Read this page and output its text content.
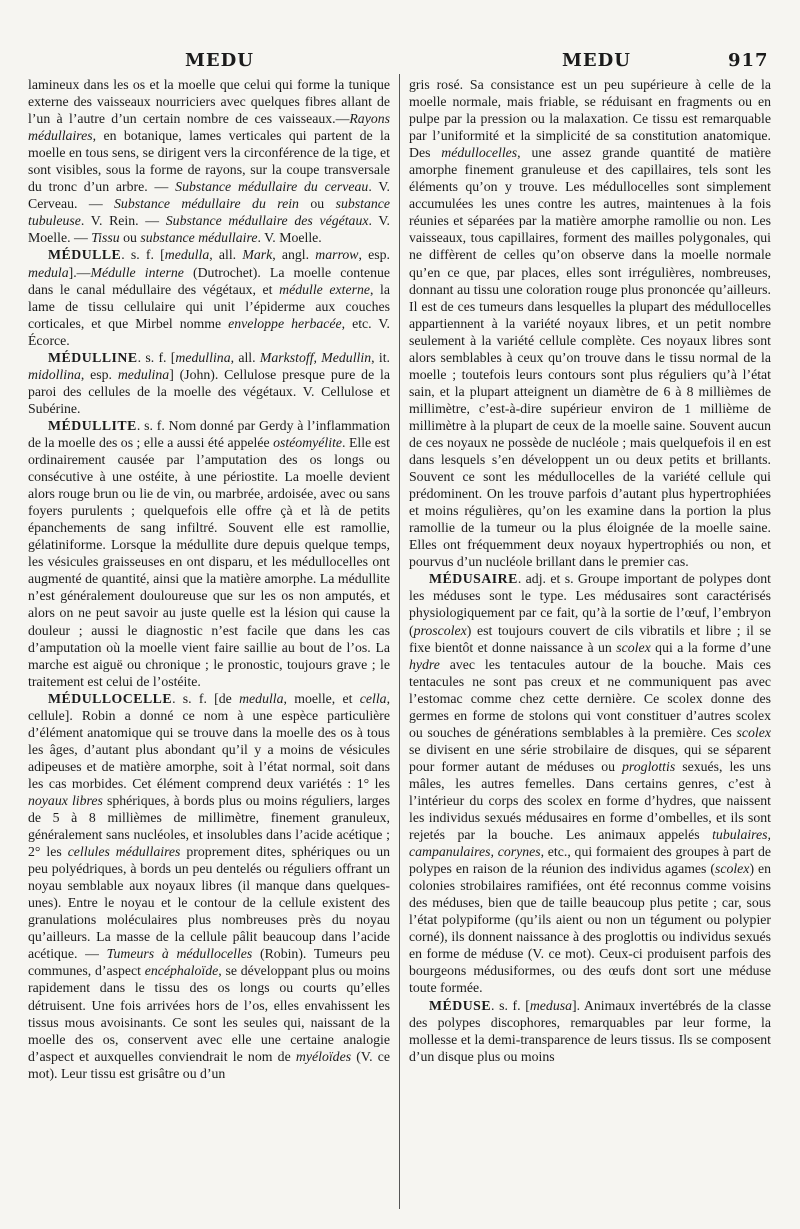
MEDU	MEDU	917

lamineux dans les os et la moelle que celui qui forme la tunique externe des vaisseaux nourriciers avec quelques fibres allant de l’un à l’autre d’un certain nombre de ces vaisseaux.—Rayons médullaires, en botanique, lames verticales qui partent de la moelle en tous sens, se dirigent vers la circonférence de la tige, et sont visibles, sous la forme de rayons, sur la coupe transversale du tronc d’un arbre. — Substance médullaire du cerveau. V. Cerveau. — Substance médullaire du rein ou substance tubuleuse. V. Rein. — Substance médullaire des végétaux. V. Moelle. — Tissu ou substance médullaire. V. Moelle.

MÉDULLE. s. f. [medulla, all. Mark, angl. marrow, esp. medula].—Médulle interne (Dutrochet). La moelle contenue dans le canal médullaire des végétaux, et médulle externe, la lame de tissu cellulaire qui unit l’épiderme aux couches corticales, et que Mirbel nomme enveloppe herbacée, etc. V. Écorce.

MÉDULLINE. s. f. [medullina, all. Markstoff, Medullin, it. midollina, esp. medulina] (John). Cellulose presque pure de la paroi des cellules de la moelle des végétaux. V. Cellulose et Subérine.

MÉDULLITE. s. f. Nom donné par Gerdy à l’inflammation de la moelle des os ; elle a aussi été appelée ostéomyélite. Elle est ordinairement causée par l’amputation des os longs ou consécutive à une ostéite, à une périostite. La moelle devient alors rouge brun ou lie de vin, ou marbrée, ardoisée, avec ou sans foyers purulents ; quelquefois elle offre çà et là de petits épanchements de sang infiltré. Souvent elle est ramollie, gélatiniforme. Lorsque la médullite dure depuis quelque temps, les vésicules graisseuses en ont disparu, et les médullocelles ont augmenté de quantité, ainsi que la matière amorphe. La médullite n’est généralement douloureuse que sur les os non amputés, et alors on ne peut savoir au juste quelle est la lésion qui cause la douleur ; aussi le diagnostic n’est facile que dans les cas d’amputation où la moelle vient faire saillie au bout de l’os. La marche est aiguë ou chronique ; le pronostic, toujours grave ; le traitement est celui de l’ostéite.

MÉDULLOCELLE. s. f. [de medulla, moelle, et cella, cellule]. Robin a donné ce nom à une espèce particulière d’élément anatomique qui se trouve dans la moelle des os à tous les âges, d’autant plus abondant qu’il y a moins de vésicules adipeuses et de matière amorphe, soit à l’état normal, soit dans les cas morbides. Cet élément comprend deux variétés : 1° les noyaux libres sphériques, à bords plus ou moins réguliers, larges de 5 à 8 millièmes de millimètre, finement granuleux, généralement sans nucléoles, et insolubles dans l’acide acétique ; 2° les cellules médullaires proprement dites, sphériques ou un peu polyédriques, à bords un peu dentelés ou réguliers offrant un noyau semblable aux noyaux libres (il manque dans quelques-unes). Entre le noyau et le contour de la cellule existent des granulations moléculaires plus nombreuses près du noyau qu’ailleurs. La masse de la cellule pâlit beaucoup dans l’acide acétique. — Tumeurs à médullocelles (Robin). Tumeurs peu communes, d’aspect encéphaloïde, se développant plus ou moins rapidement dans le tissu des os longs ou courts qu’elles détruisent. Une fois arrivées hors de l’os, elles envahissent les tissus mous avoisinants. Ce sont les seules qui, naissant de la moelle des os, conservent avec elle une certaine analogie d’aspect et auxquelles conviendrait le nom de myéloïdes (V. ce mot). Leur tissu est grisâtre ou d’un

gris rosé. Sa consistance est un peu supérieure à celle de la moelle normale, mais friable, se réduisant en fragments ou en pulpe par la pression ou la malaxation. Ce tissu est remarquable par l’uniformité et la simplicité de sa constitution anatomique. Des médullocelles, une assez grande quantité de matière amorphe finement granuleuse et des capillaires, tels sont les éléments qu’on y trouve. Les médullocelles sont simplement accumulées les unes contre les autres, maintenues à la fois réunies et séparées par la matière amorphe ramollie ou non. Les vaisseaux, tous capillaires, forment des mailles polygonales, qui ne diffèrent de celles qu’on observe dans la moelle normale qu’en ce que, par places, elles sont irrégulières, nombreuses, donnant au tissu une coloration rouge plus prononcée qu’ailleurs. Il est de ces tumeurs dans lesquelles la plupart des médullocelles appartiennent à la variété noyaux libres, et un petit nombre seulement à la variété cellule complète. Ces noyaux libres sont alors semblables à ceux qu’on trouve dans le tissu normal de la moelle ; toutefois leurs contours sont plus réguliers qu’à l’état sain, et la plupart atteignent un diamètre de 6 à 8 millièmes de millimètre, c’est-à-dire supérieur environ de 1 millième de millimètre à la plupart de ceux de la moelle saine. Souvent aucun de ces noyaux ne possède de nucléole ; mais quelquefois il en est dans lesquels s’en développent un ou deux petits et brillants. Souvent ce sont les médullocelles de la variété cellule qui prédominent. On les trouve parfois d’autant plus hypertrophiées et moins régulières, qu’on les examine dans la portion la plus ramollie de la tumeur ou la plus éloignée de la moelle saine. Elles ont fréquemment deux noyaux hypertrophiés ou non, et pourvus d’un nucléole brillant dans le premier cas.

MÉDUSAIRE. adj. et s. Groupe important de polypes dont les méduses sont le type. Les médusaires sont caractérisés physiologiquement par ce fait, qu’à la sortie de l’œuf, l’embryon (proscolex) est toujours couvert de cils vibratils et libre ; il se fixe bientôt et donne naissance à un scolex qui a la forme d’une hydre avec les tentacules autour de la bouche. Mais ces tentacules ne sont pas creux et ne communiquent pas avec l’estomac comme chez cette dernière. Ce scolex donne des germes en forme de stolons qui vont constituer d’autres scolex ou souches de générations semblables à la première. Ces scolex se divisent en une série strobilaire de disques, qui se séparent pour former autant de méduses ou proglottis sexués, les uns mâles, les autres femelles. Dans certains genres, c’est à l’intérieur du corps des scolex en forme d’hydres, que naissent les individus sexués médusaires en forme d’ombelles, et ils sont rejetés par la bouche. Les animaux appelés tubulaires, campanulaires, corynes, etc., qui formaient des groupes à part de polypes en raison de la réunion des individus agames (scolex) en colonies strobilaires ramifiées, ont été reconnus comme voisins des méduses, bien que de taille beaucoup plus petite ; car, sous l’état polypiforme (qu’ils aient ou non un tégument ou polypier corné), ils donnent naissance à des proglottis ou individus sexués en forme de méduse (V. ce mot). Ceux-ci produisent parfois des bourgeons médusiformes, ou des œufs dont sort une méduse toute formée.

MÉDUSE. s. f. [medusa]. Animaux invertébrés de la classe des polypes discophores, remarquables par leur forme, la mollesse et la demi-transparence de leurs tissus. Ils se composent d’un disque plus ou moins
